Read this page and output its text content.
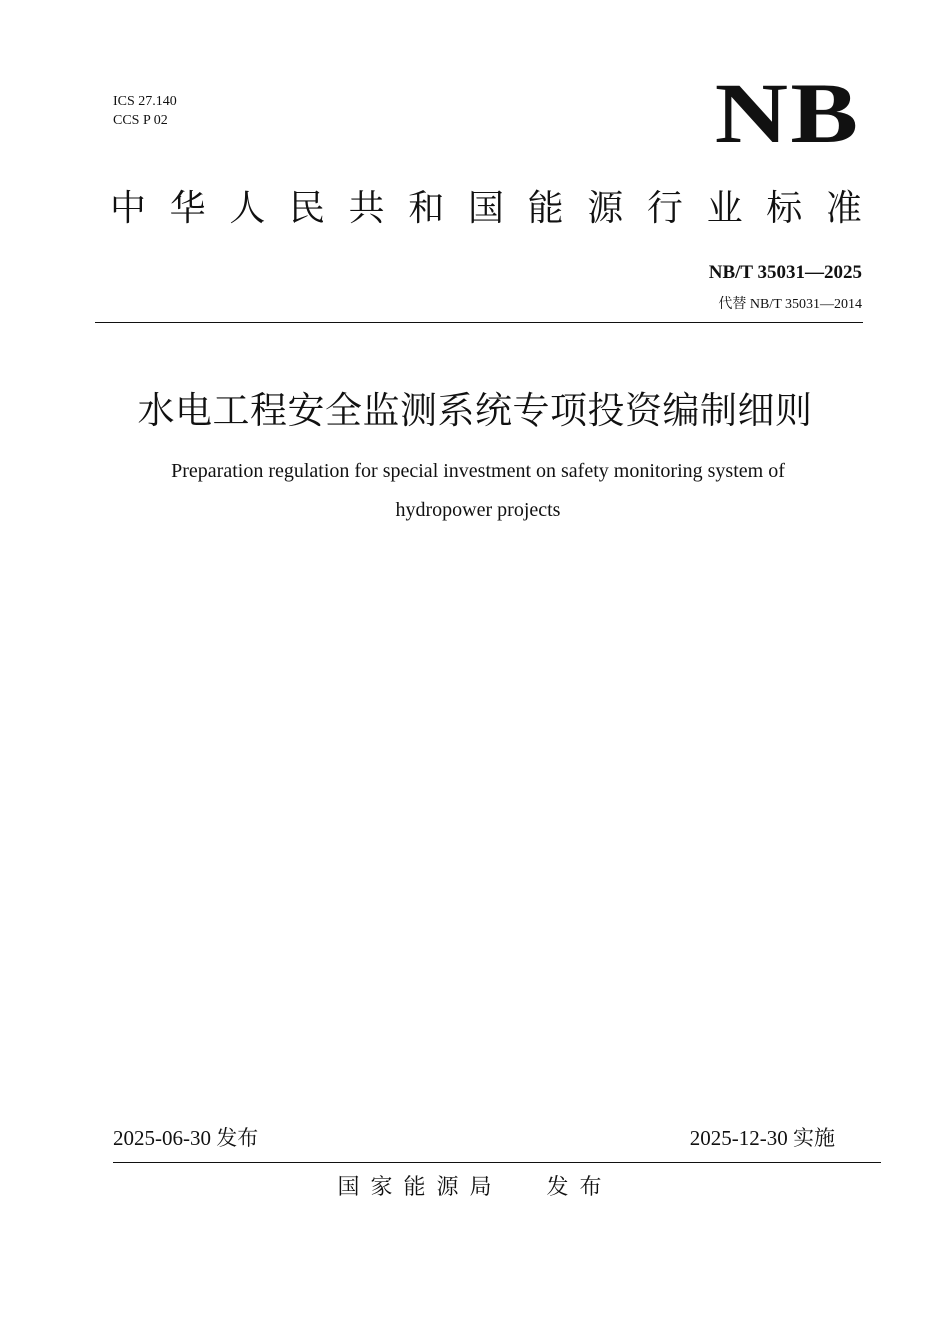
ICS 27.140
CCS P 02	NB
中 华 人 民 共 和 国 能 源 行 业 标 准
NB/T 35031—2025
代替 NB/T 35031—2014
水电工程安全监测系统专项投资编制细则
Preparation regulation for special investment on safety monitoring system of
hydropower projects
2025-06-30 发布	2025-12-30 实施
国家能源局 发布
